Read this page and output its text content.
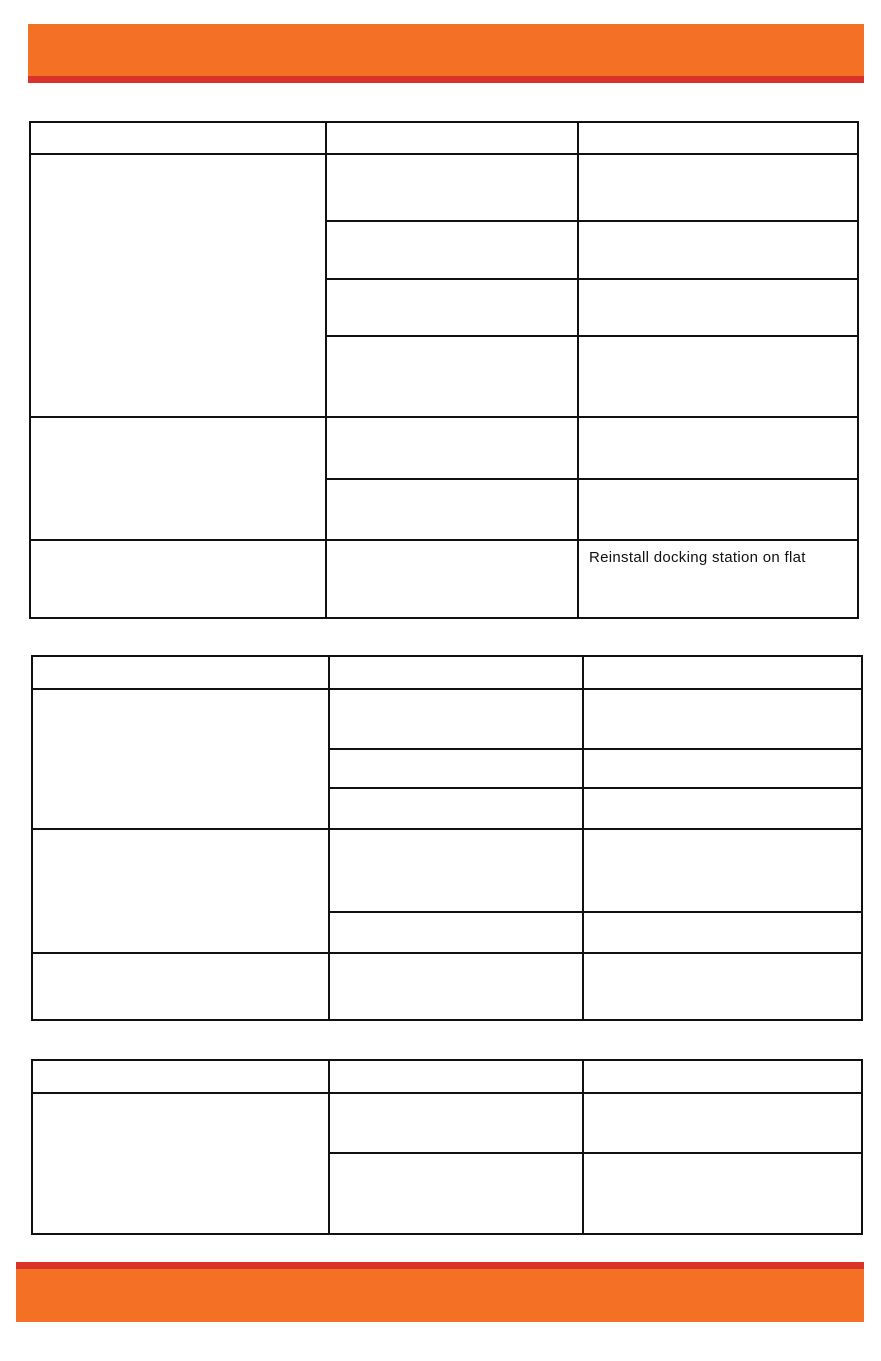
		Reinstall docking station on flat
